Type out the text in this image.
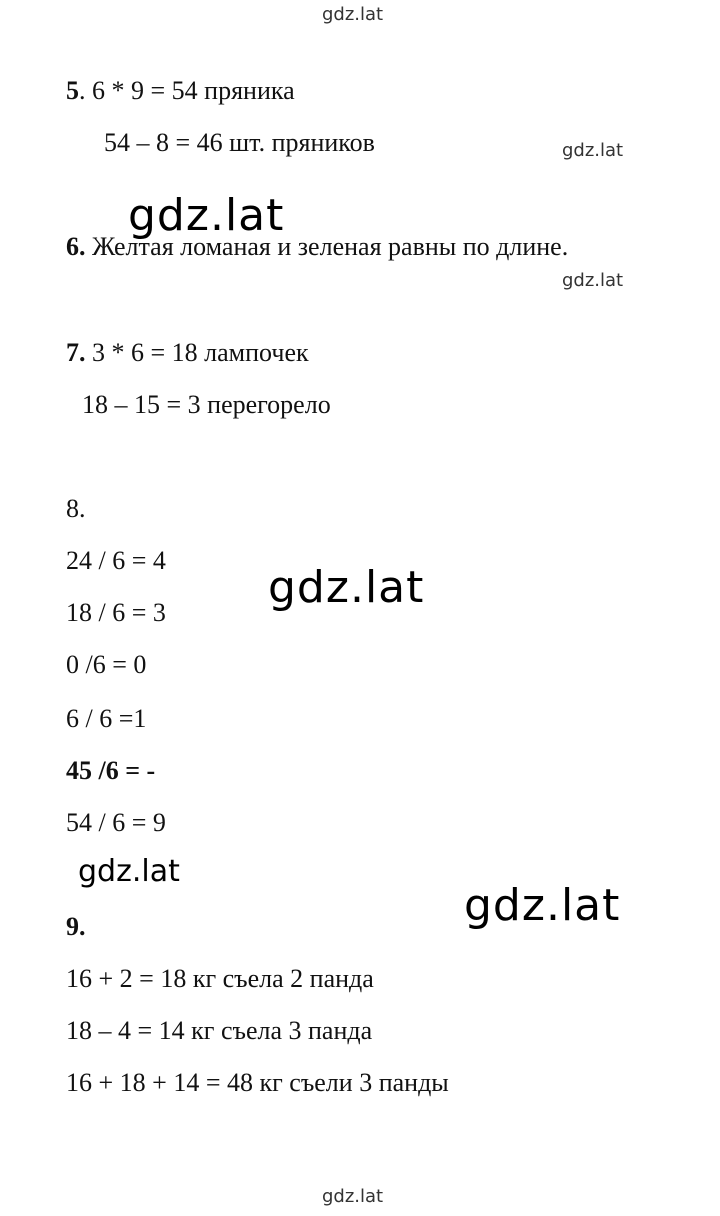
gdz.lat
gdz.lat
gdz.lat
gdz.lat
gdz.lat
gdz.lat
gdz.lat
gdz.lat
5. 6 * 9 = 54 пряника
54 – 8 = 46 шт. пряников
6. Желтая ломаная и зеленая равны по длине.
7. 3 * 6 = 18 лампочек
18 – 15 = 3 перегорело
8.
24 / 6 = 4
18 / 6 = 3
0 /6 = 0
6 / 6 =1
45 /6 = -
54 / 6 = 9
9.
16 + 2 = 18 кг съела 2 панда
18 – 4 = 14 кг съела 3 панда
16 + 18 + 14 = 48 кг съели 3 панды
